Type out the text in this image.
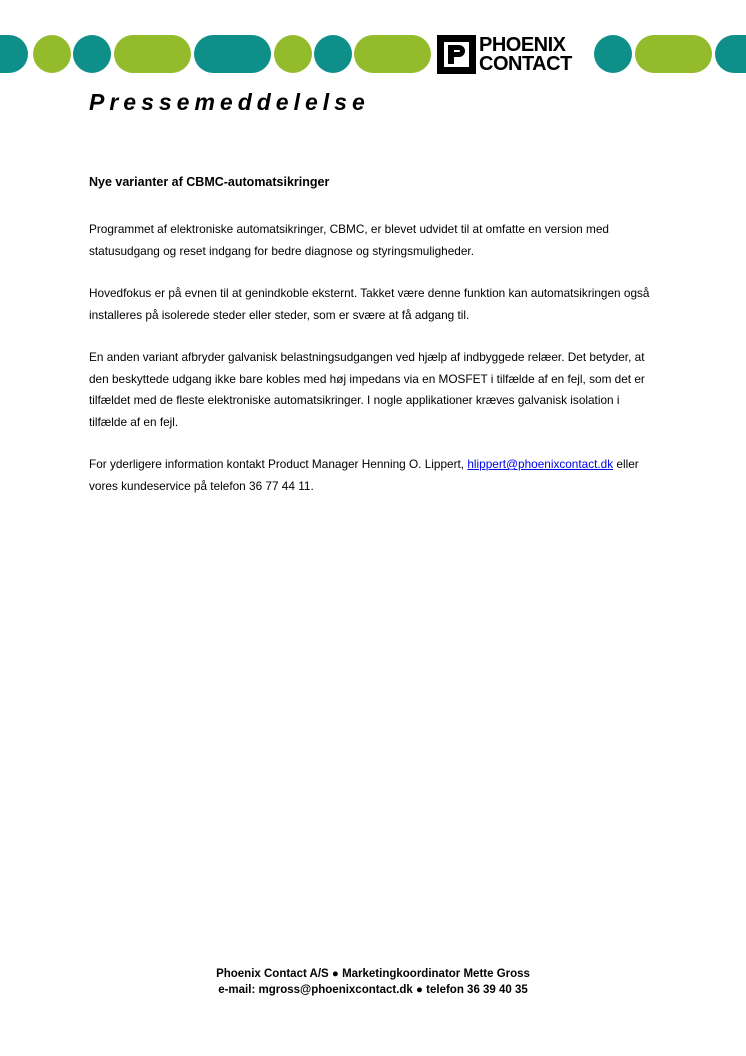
PHOENIX
CONTACT
Pressemeddelelse
Nye varianter af CBMC-automatsikringer

Programmet af elektroniske automatsikringer, CBMC, er blevet udvidet til at omfatte en version med statusudgang og reset indgang for bedre diagnose og styringsmuligheder.

Hovedfokus er på evnen til at genindkoble eksternt. Takket være denne funktion kan automatsikringen også installeres på isolerede steder eller steder, som er svære at få adgang til.

En anden variant afbryder galvanisk belastningsudgangen ved hjælp af indbyggede relæer. Det betyder, at den beskyttede udgang ikke bare kobles med høj impedans via en MOSFET i tilfælde af en fejl, som det er tilfældet med de fleste elektroniske automatsikringer. I nogle applikationer kræves galvanisk isolation i tilfælde af en fejl.

For yderligere information kontakt Product Manager Henning O. Lippert, hlippert@phoenixcontact.dk eller vores kundeservice på telefon 36 77 44 11.

Phoenix Contact A/S ● Marketingkoordinator Mette Gross
e-mail: mgross@phoenixcontact.dk ● telefon 36 39 40 35
